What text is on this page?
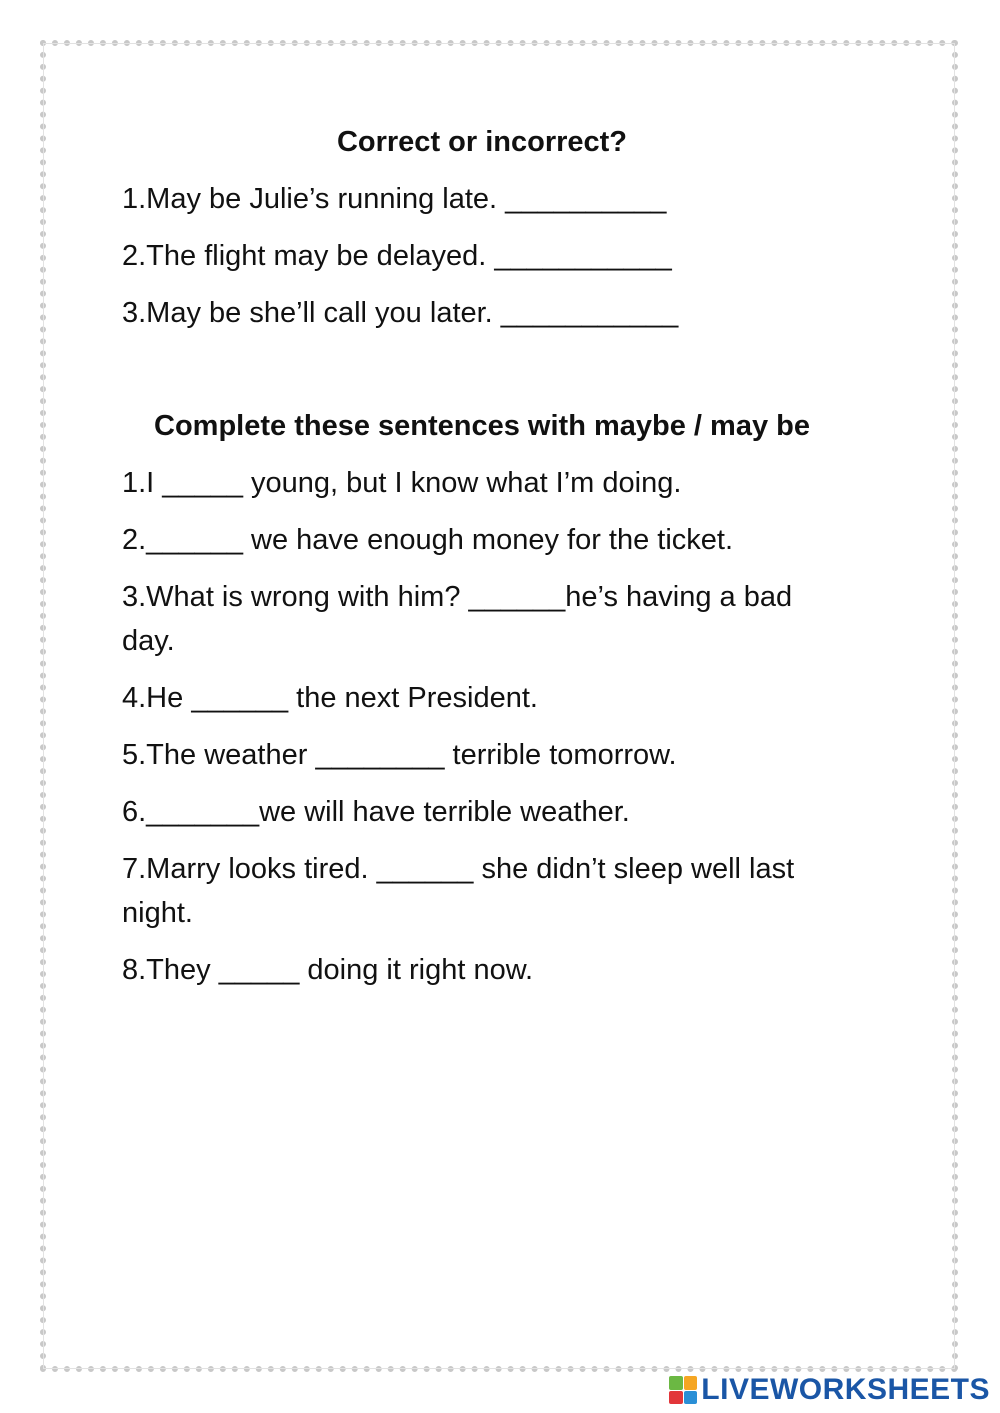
Correct or incorrect?
1.May be Julie’s running late. __________
2.The flight may be delayed. ___________
3.May be she’ll call you later. ___________
Complete these sentences with maybe / may be
1.I _____ young, but I know what I’m doing.
2.______ we have enough money for the ticket.
3.What is wrong with him? ______he’s having a bad day.
4.He ______ the next President.
5.The weather ________ terrible tomorrow.
6._______we will have terrible weather.
7.Marry looks tired. ______ she didn’t sleep well last night.
8.They _____ doing it right now.
LIVEWORKSHEETS
